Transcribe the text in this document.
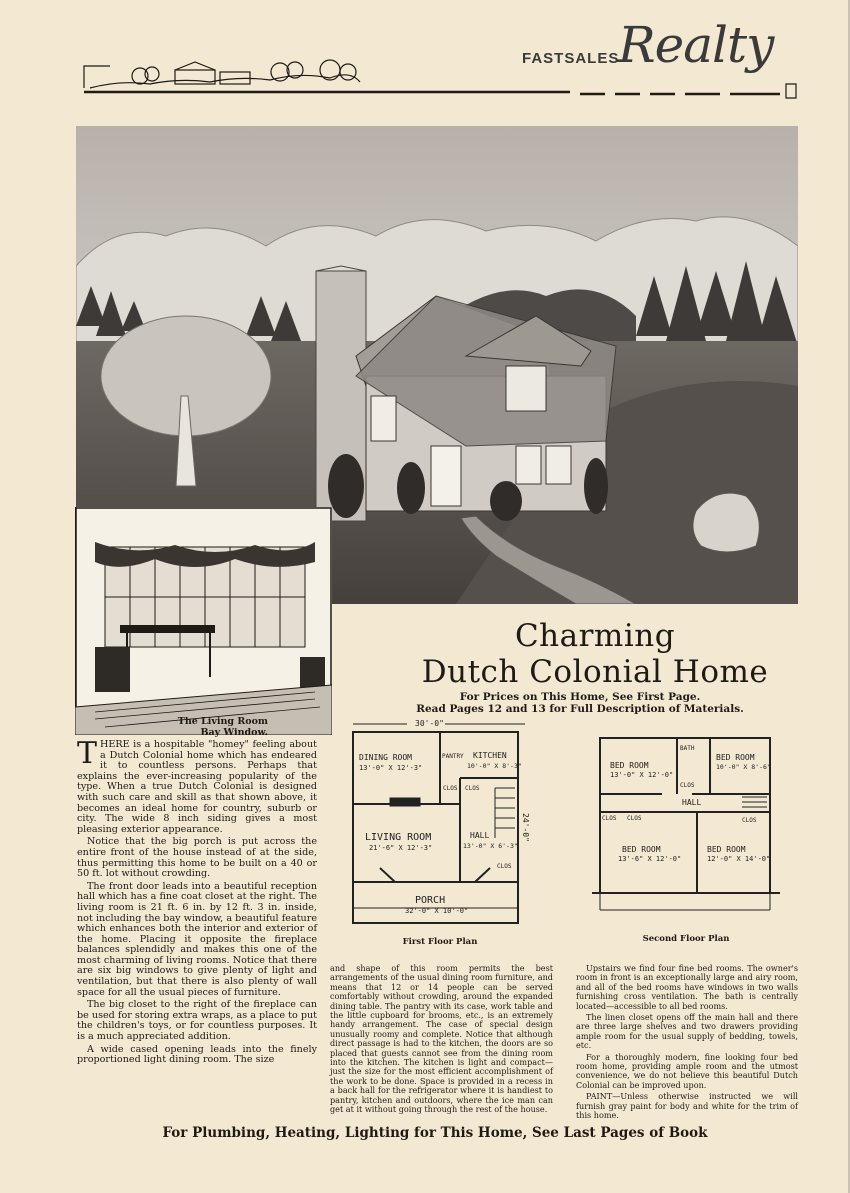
FASTSALES
Realty
The Living Room
Bay Window.
Charming
Dutch Colonial Home
For Prices on This Home, See First Page.
Read Pages 12 and 13 for Full Description of Materials.
30'-0"
24'-0"
DINING ROOM
13'-0" X 12'-3"
PANTRY KITCHEN
10'-0" X 8'-3"
CLOS CLOS
LIVING ROOM
21'-6" X 12'-3"
HALL
13'-0" X 6'-3"
CLOS
PORCH
32'-0" X 10'-0"
First Floor Plan
BED ROOM
13'-0" X 12'-0"
BATH
BED ROOM
10'-0" X 8'-6"
CLOS
HALL
CLOS CLOS	CLOS
BED ROOM
13'-6" X 12'-0"
BED ROOM
12'-0" X 14'-0"
Second Floor Plan

THERE is a hospitable "homey" feeling about a Dutch Colonial home which has endeared it to countless persons. Perhaps that explains the ever-increasing popularity of the type. When a true Dutch Colonial is designed with such care and skill as that shown above, it becomes an ideal home for country, suburb or city. The wide 8 inch siding gives a most pleasing exterior appearance.

Notice that the big porch is put across the entire front of the house instead of at the side, thus permitting this home to be built on a 40 or 50 ft. lot without crowding.

The front door leads into a beautiful reception hall which has a fine coat closet at the right. The living room is 21 ft. 6 in. by 12 ft. 3 in. inside, not including the bay window, a beautiful feature which enhances both the interior and exterior of the home. Placing it opposite the fireplace balances splendidly and makes this one of the most charming of living rooms. Notice that there are six big windows to give plenty of light and ventilation, but that there is also plenty of wall space for all the usual pieces of furniture.

The big closet to the right of the fireplace can be used for storing extra wraps, as a place to put the children's toys, or for countless purposes. It is a much appreciated addition.

A wide cased opening leads into the finely proportioned light dining room. The size

and shape of this room permits the best arrangements of the usual dining room furniture, and means that 12 or 14 people can be served comfortably without crowding, around the expanded dining table. The pantry with its case, work table and the little cupboard for brooms, etc., is an extremely handy arrangement. The case of special design unusually roomy and complete. Notice that although direct passage is had to the kitchen, the doors are so placed that guests cannot see from the dining room into the kitchen. The kitchen is light and compact—just the size for the most efficient accomplishment of the work to be done. Space is provided in a recess in a back hall for the refrigerator where it is handiest to pantry, kitchen and outdoors, where the ice man can get at it without going through the rest of the house.

Upstairs we find four fine bed rooms. The owner's room in front is an exceptionally large and airy room, and all of the bed rooms have windows in two walls furnishing cross ventilation. The bath is centrally located—accessible to all bed rooms.

The linen closet opens off the main hall and there are three large shelves and two drawers providing ample room for the usual supply of bedding, towels, etc.

For a thoroughly modern, fine looking four bed room home, providing ample room and the utmost convenience, we do not believe this beautiful Dutch Colonial can be improved upon.

PAINT—Unless otherwise instructed we will furnish gray paint for body and white for the trim of this home.

For Plumbing, Heating, Lighting for This Home, See Last Pages of Book
